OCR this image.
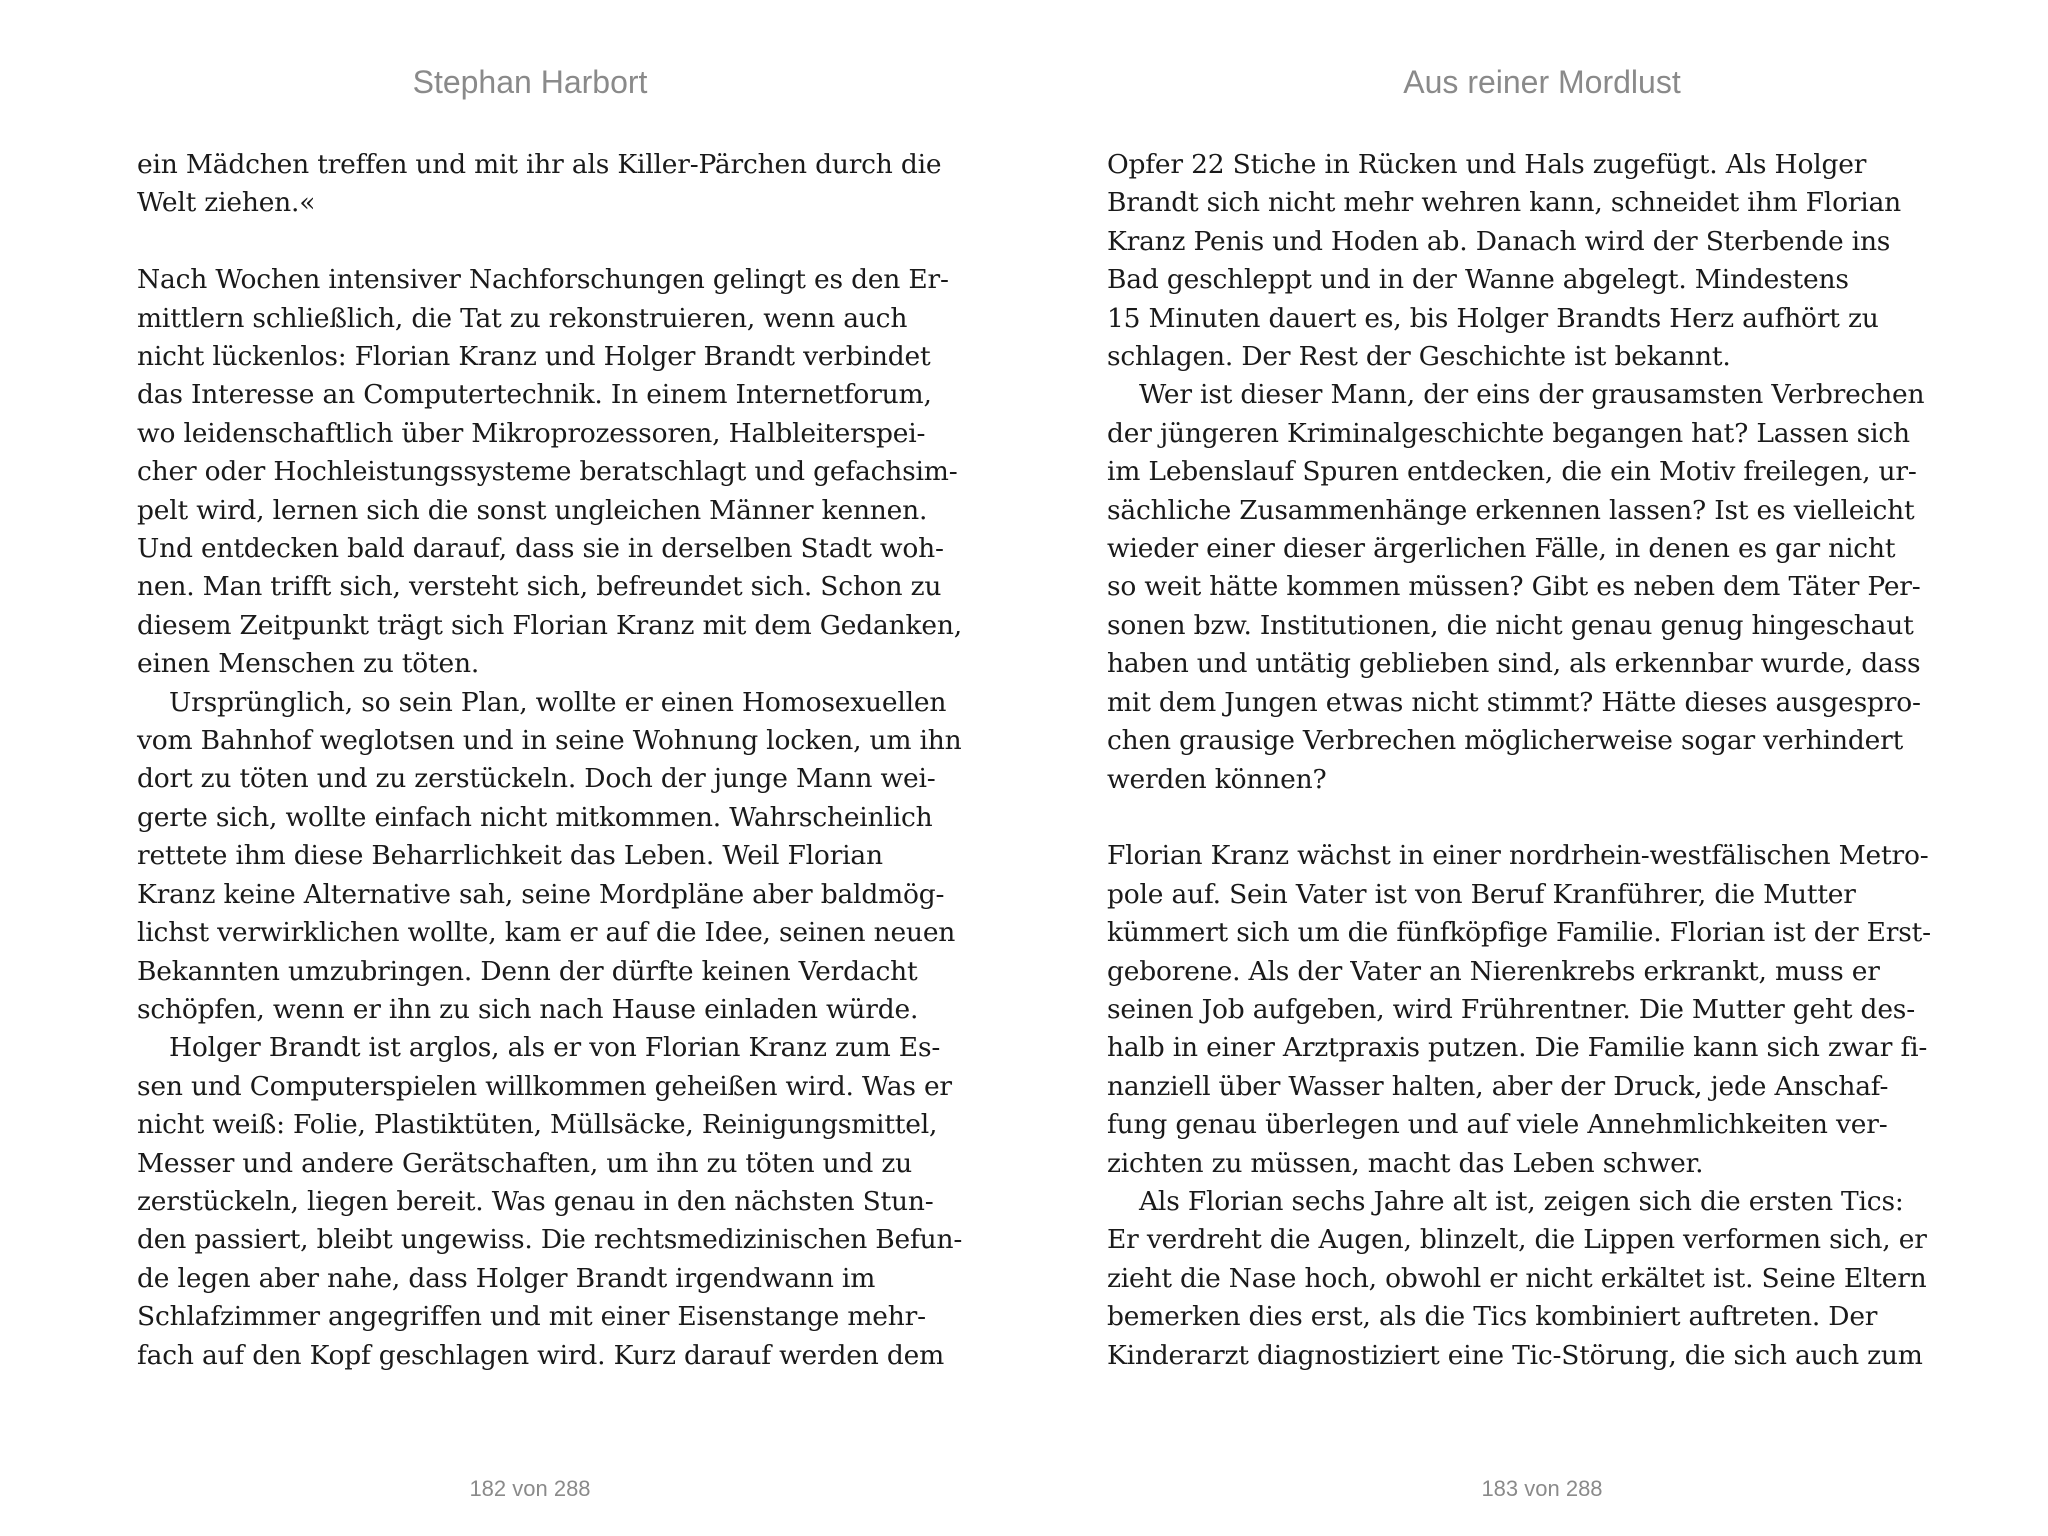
Stephan Harbort
ein Mädchen treffen und mit ihr als Killer-Pärchen durch die
Welt ziehen.«
Nach Wochen intensiver Nachforschungen gelingt es den Er-
mittlern schließlich, die Tat zu rekonstruieren, wenn auch
nicht lückenlos: Florian Kranz und Holger Brandt verbindet
das Interesse an Computertechnik. In einem Internetforum,
wo leidenschaftlich über Mikroprozessoren, Halbleiterspei-
cher oder Hochleistungssysteme beratschlagt und gefachsim-
pelt wird, lernen sich die sonst ungleichen Männer kennen.
Und entdecken bald darauf, dass sie in derselben Stadt woh-
nen. Man trifft sich, versteht sich, befreundet sich. Schon zu
diesem Zeitpunkt trägt sich Florian Kranz mit dem Gedanken,
einen Menschen zu töten.
Ursprünglich, so sein Plan, wollte er einen Homosexuellen
vom Bahnhof weglotsen und in seine Wohnung locken, um ihn
dort zu töten und zu zerstückeln. Doch der junge Mann wei-
gerte sich, wollte einfach nicht mitkommen. Wahrscheinlich
rettete ihm diese Beharrlichkeit das Leben. Weil Florian
Kranz keine Alternative sah, seine Mordpläne aber baldmög-
lichst verwirklichen wollte, kam er auf die Idee, seinen neuen
Bekannten umzubringen. Denn der dürfte keinen Verdacht
schöpfen, wenn er ihn zu sich nach Hause einladen würde.
Holger Brandt ist arglos, als er von Florian Kranz zum Es-
sen und Computerspielen willkommen geheißen wird. Was er
nicht weiß: Folie, Plastiktüten, Müllsäcke, Reinigungsmittel,
Messer und andere Gerätschaften, um ihn zu töten und zu
zerstückeln, liegen bereit. Was genau in den nächsten Stun-
den passiert, bleibt ungewiss. Die rechtsmedizinischen Befun-
de legen aber nahe, dass Holger Brandt irgendwann im
Schlafzimmer angegriffen und mit einer Eisenstange mehr-
fach auf den Kopf geschlagen wird. Kurz darauf werden dem
182 von 288
Aus reiner Mordlust
Opfer 22 Stiche in Rücken und Hals zugefügt. Als Holger
Brandt sich nicht mehr wehren kann, schneidet ihm Florian
Kranz Penis und Hoden ab. Danach wird der Sterbende ins
Bad geschleppt und in der Wanne abgelegt. Mindestens
15 Minuten dauert es, bis Holger Brandts Herz aufhört zu
schlagen. Der Rest der Geschichte ist bekannt.
Wer ist dieser Mann, der eins der grausamsten Verbrechen
der jüngeren Kriminalgeschichte begangen hat? Lassen sich
im Lebenslauf Spuren entdecken, die ein Motiv freilegen, ur-
sächliche Zusammenhänge erkennen lassen? Ist es vielleicht
wieder einer dieser ärgerlichen Fälle, in denen es gar nicht
so weit hätte kommen müssen? Gibt es neben dem Täter Per-
sonen bzw. Institutionen, die nicht genau genug hingeschaut
haben und untätig geblieben sind, als erkennbar wurde, dass
mit dem Jungen etwas nicht stimmt? Hätte dieses ausgespro-
chen grausige Verbrechen möglicherweise sogar verhindert
werden können?
Florian Kranz wächst in einer nordrhein-westfälischen Metro-
pole auf. Sein Vater ist von Beruf Kranführer, die Mutter
kümmert sich um die fünfköpfige Familie. Florian ist der Erst-
geborene. Als der Vater an Nierenkrebs erkrankt, muss er
seinen Job aufgeben, wird Frührentner. Die Mutter geht des-
halb in einer Arztpraxis putzen. Die Familie kann sich zwar fi-
nanziell über Wasser halten, aber der Druck, jede Anschaf-
fung genau überlegen und auf viele Annehmlichkeiten ver-
zichten zu müssen, macht das Leben schwer.
Als Florian sechs Jahre alt ist, zeigen sich die ersten Tics:
Er verdreht die Augen, blinzelt, die Lippen verformen sich, er
zieht die Nase hoch, obwohl er nicht erkältet ist. Seine Eltern
bemerken dies erst, als die Tics kombiniert auftreten. Der
Kinderarzt diagnostiziert eine Tic-Störung, die sich auch zum
183 von 288
